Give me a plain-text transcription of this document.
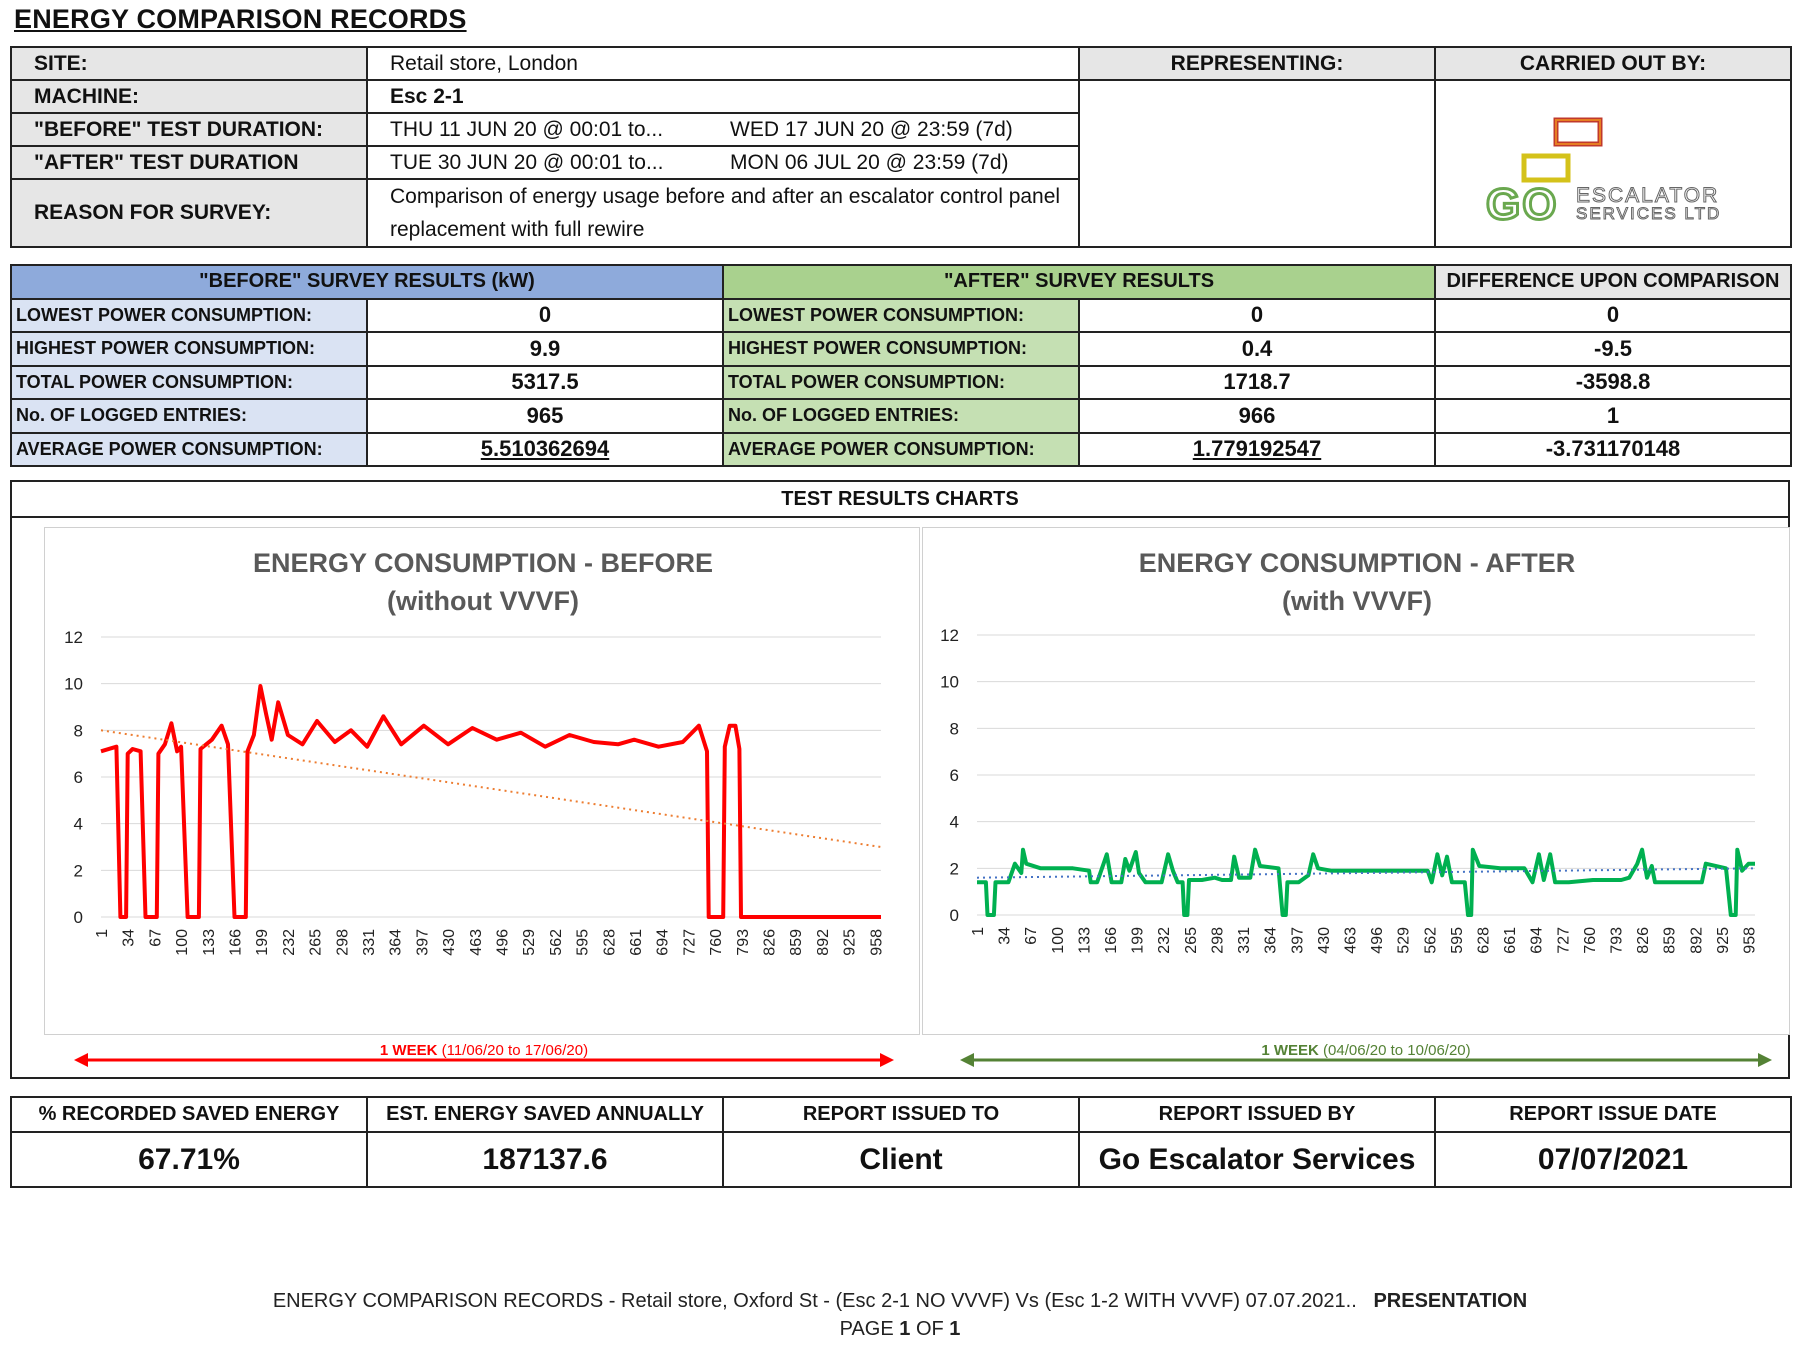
ENERGY COMPARISON RECORDS
SITE:	Retail store, London	REPRESENTING:	CARRIED OUT BY:
MACHINE:	Esc 2-1		GO ESCALATOR
SERVICES LTD

"BEFORE" TEST DURATION:	THU 11 JUN 20 @ 00:01 to... WED 17 JUN 20 @ 23:59 (7d)		

"AFTER" TEST DURATION	TUE 30 JUN 20 @ 00:01 to... MON 06 JUL 20 @ 23:59 (7d)		

REASON FOR SURVEY:	Comparison of energy usage before and after an escalator control panel replacement with full rewire		
"BEFORE" SURVEY RESULTS (kW)		"AFTER" SURVEY RESULTS		DIFFERENCE UPON COMPARISON
LOWEST POWER CONSUMPTION:	0	LOWEST POWER CONSUMPTION:	0	0
HIGHEST POWER CONSUMPTION:	9.9	HIGHEST POWER CONSUMPTION:	0.4	-9.5
TOTAL POWER CONSUMPTION:	5317.5	TOTAL POWER CONSUMPTION:	1718.7	-3598.8
No. OF LOGGED ENTRIES:	965	No. OF LOGGED ENTRIES:	966	1
AVERAGE POWER CONSUMPTION:	5.510362694	AVERAGE POWER CONSUMPTION:	1.779192547	-3.731170148
TEST RESULTS CHARTS
ENERGY CONSUMPTION - BEFORE
(without VVVF)
0
2
4
6
8
10
12
1 34 67 100 133 166 199 232 265 298 331 364 397 430 463 496 529 562 595 628 661 694 727 760 793 826 859 892 925 958
ENERGY CONSUMPTION - AFTER
(with VVVF)
0
2
4
6
8
10
12
1 34 67 100 133 166 199 232 265 298 331 364 397 430 463 496 529 562 595 628 661 694 727 760 793 826 859 892 925 958
1 WEEK (11/06/20 to 17/06/20)	1 WEEK (04/06/20 to 10/06/20)
% RECORDED SAVED ENERGY	EST. ENERGY SAVED ANNUALLY	REPORT ISSUED TO	REPORT ISSUED BY	REPORT ISSUE DATE
67.71%	187137.6	Client	Go Escalator Services	07/07/2021
ENERGY COMPARISON RECORDS - Retail store, Oxford St - (Esc 2-1 NO VVVF) Vs (Esc 1-2 WITH VVVF) 07.07.2021.. PRESENTATION
PAGE 1 OF 1
